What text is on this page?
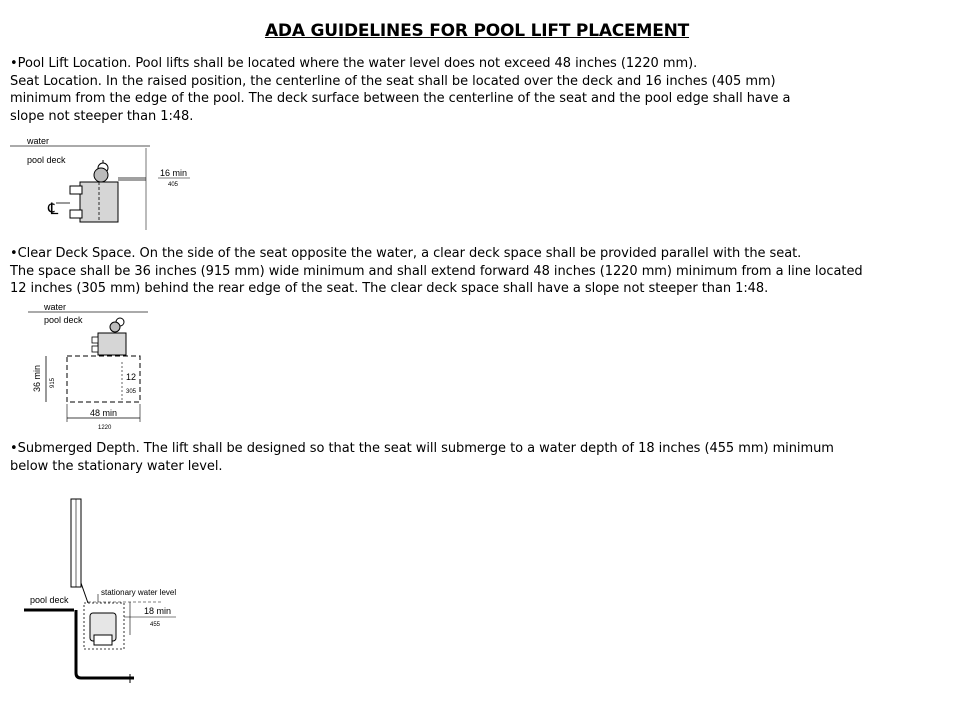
ADA GUIDELINES FOR POOL LIFT PLACEMENT
•Pool Lift Location. Pool lifts shall be located where the water level does not exceed 48 inches (1220 mm).
Seat Location. In the raised position, the centerline of the seat shall be located over the deck and 16 inches (405 mm)
minimum from the edge of the pool. The deck surface between the centerline of the seat and the pool edge shall have a
slope not steeper than 1:48.
water
pool deck
℄
16 min
405
•Clear Deck Space. On the side of the seat opposite the water, a clear deck space shall be provided parallel with the seat.
The space shall be 36 inches (915 mm) wide minimum and shall extend forward 48 inches (1220 mm) minimum from a line located
12 inches (305 mm) behind the rear edge of the seat. The clear deck space shall have a slope not steeper than 1:48.
water
pool deck
36 min 915
12
305
48 min
1220
•Submerged Depth. The lift shall be designed so that the seat will submerge to a water depth of 18 inches (455 mm) minimum
below the stationary water level.
pool deck
stationary water level
18 min
455
